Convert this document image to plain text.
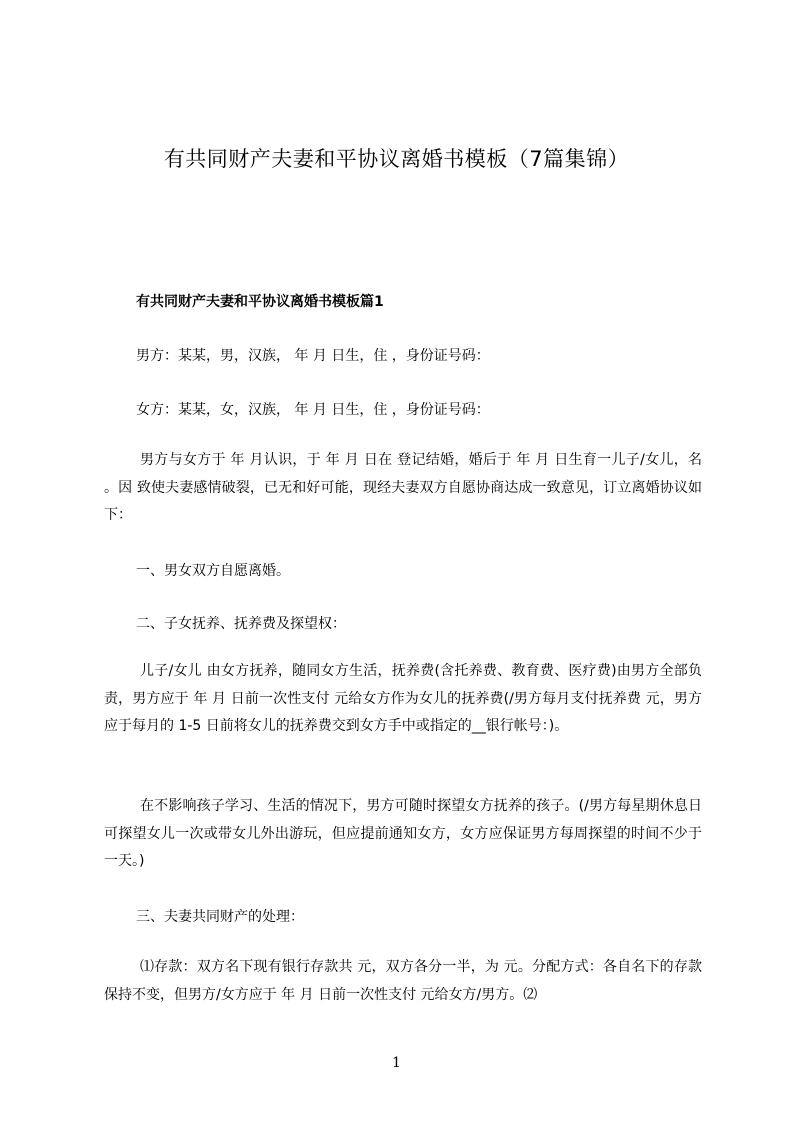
有共同财产夫妻和平协议离婚书模板（7篇集锦）
有共同财产夫妻和平协议离婚书模板篇1
男方：某某，男，汉族， 年 月 日生，住 ，身份证号码：
女方：某某，女，汉族， 年 月 日生，住 ，身份证号码：
男方与女方于 年 月认识，于 年 月 日在 登记结婚，婚后于 年 月 日生育一儿子/女儿，名 。因 致使夫妻感情破裂，已无和好可能，现经夫妻双方自愿协商达成一致意见，订立离婚协议如下：
一、男女双方自愿离婚。
二、子女抚养、抚养费及探望权：
儿子/女儿 由女方抚养，随同女方生活，抚养费(含托养费、教育费、医疗费)由男方全部负责，男方应于 年 月 日前一次性支付 元给女方作为女儿的抚养费(/男方每月支付抚养费 元，男方应于每月的 1-5 日前将女儿的抚养费交到女方手中或指定的__银行帐号：)。
在不影响孩子学习、生活的情况下，男方可随时探望女方抚养的孩子。(/男方每星期休息日可探望女儿一次或带女儿外出游玩，但应提前通知女方，女方应保证男方每周探望的时间不少于一天。)
三、夫妻共同财产的处理：
⑴存款：双方名下现有银行存款共 元，双方各分一半，为 元。分配方式：各自名下的存款保持不变，但男方/女方应于 年 月 日前一次性支付 元给女方/男方。⑵
1
